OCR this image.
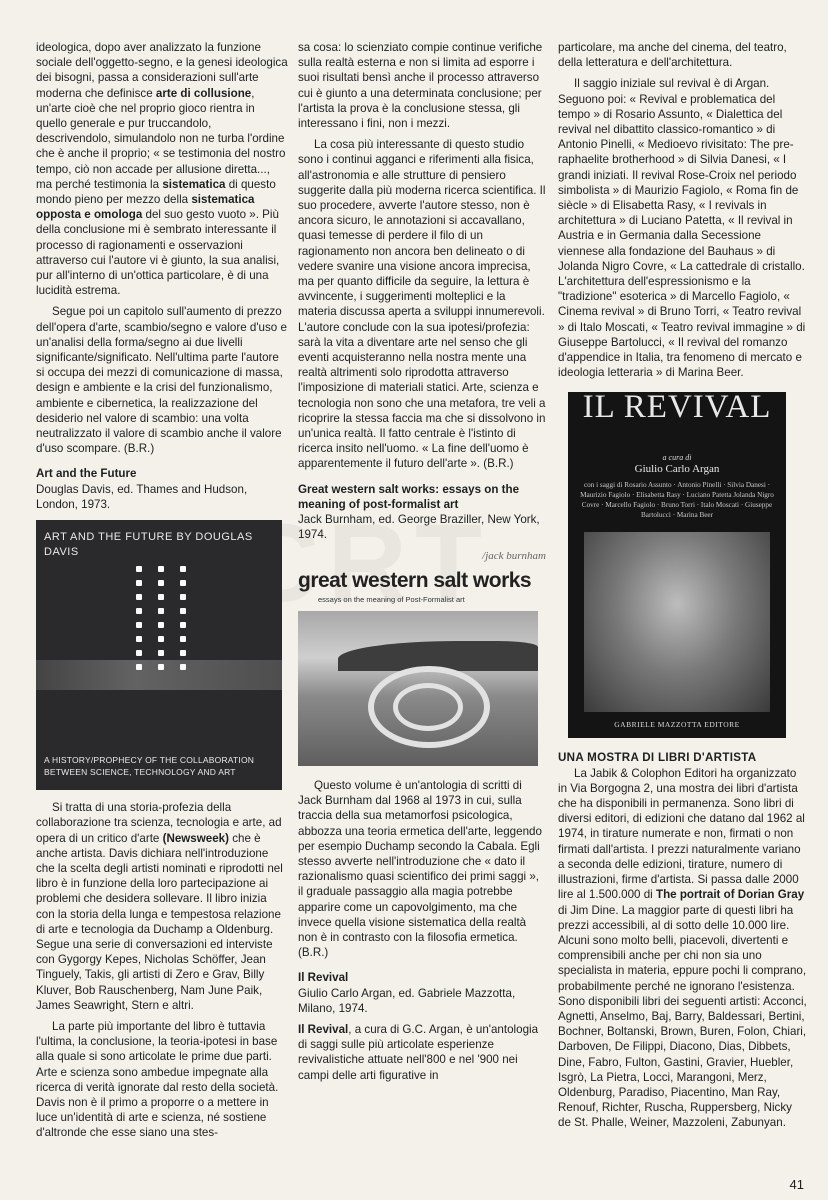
ideologica, dopo aver analizzato la funzione sociale dell'oggetto-segno, e la genesi ideologica dei bisogni, passa a considerazioni sull'arte moderna che definisce arte di collusione, un'arte cioè che nel proprio gioco rientra in quello generale e pur truccandolo, descrivendolo, simulandolo non ne turba l'ordine che è anche il proprio; « se testimonia del nostro tempo, ciò non accade per allusione diretta..., ma perché testimonia la sistematica di questo mondo pieno per mezzo della sistematica opposta e omologa del suo gesto vuoto ». Più della conclusione mi è sembrato interessante il processo di ragionamenti e osservazioni attraverso cui l'autore vi è giunto, la sua analisi, pur all'interno di un'ottica particolare, è di una lucidità estrema.

Segue poi un capitolo sull'aumento di prezzo dell'opera d'arte, scambio/segno e valore d'uso e un'analisi della forma/segno ai due livelli significante/significato. Nell'ultima parte l'autore si occupa dei mezzi di comunicazione di massa, design e ambiente e la crisi del funzionalismo, ambiente e cibernetica, la realizzazione del desiderio nel valore di scambio: una volta neutralizzato il valore di scambio anche il valore d'uso scompare. (B.R.)

Art and the Future

Douglas Davis, ed. Thames and Hudson, London, 1973.

ART AND THE FUTURE BY DOUGLAS DAVIS
A HISTORY/PROPHECY OF THE COLLABORATION BETWEEN SCIENCE, TECHNOLOGY AND ART

Si tratta di una storia-profezia della collaborazione tra scienza, tecnologia e arte, ad opera di un critico d'arte (Newsweek) che è anche artista. Davis dichiara nell'introduzione che la scelta degli artisti nominati e riprodotti nel libro è in funzione della loro partecipazione ai problemi che desidera sollevare. Il libro inizia con la storia della lunga e tempestosa relazione di arte e tecnologia da Duchamp a Oldenburg. Segue una serie di conversazioni ed interviste con Gygorgy Kepes, Nicholas Schöffer, Jean Tinguely, Takis, gli artisti di Zero e Grav, Billy Kluver, Bob Rauschenberg, Nam June Paik, James Seawright, Stern e altri.

La parte più importante del libro è tuttavia l'ultima, la conclusione, la teoria-ipotesi in base alla quale si sono articolate le prime due parti. Arte e scienza sono ambedue impegnate alla ricerca di verità ignorate dal resto della società. Davis non è il primo a proporre o a mettere in luce un'identità di arte e scienza, né sostiene d'altronde che esse siano una stes-

sa cosa: lo scienziato compie continue verifiche sulla realtà esterna e non si limita ad esporre i suoi risultati bensì anche il processo attraverso cui è giunto a una determinata conclusione; per l'artista la prova è la conclusione stessa, gli interessano i fini, non i mezzi.

La cosa più interessante di questo studio sono i continui agganci e riferimenti alla fisica, all'astronomia e alle strutture di pensiero suggerite dalla più moderna ricerca scientifica. Il suo procedere, avverte l'autore stesso, non è ancora sicuro, le annotazioni si accavallano, quasi temesse di perdere il filo di un ragionamento non ancora ben delineato o di vedere svanire una visione ancora imprecisa, ma per quanto difficile da seguire, la lettura è avvincente, i suggerimenti molteplici e la materia discussa aperta a sviluppi innumerevoli. L'autore conclude con la sua ipotesi/profezia: sarà la vita a diventare arte nel senso che gli eventi acquisteranno nella nostra mente una realtà altrimenti solo riprodotta attraverso l'imposizione di materiali statici. Arte, scienza e tecnologia non sono che una metafora, tre veli a ricoprire la stessa faccia ma che si dissolvono in un'unica realtà. Il fatto centrale è l'istinto di ricerca insito nell'uomo. « La fine dell'uomo è apparentemente il futuro dell'arte ». (B.R.)

Great western salt works: essays on the meaning of post-formalist art

Jack Burnham, ed. George Braziller, New York, 1974.

/jack burnham
great western salt works
essays on the meaning of Post-Formalist art

Questo volume è un'antologia di scritti di Jack Burnham dal 1968 al 1973 in cui, sulla traccia della sua metamorfosi psicologica, abbozza una teoria ermetica dell'arte, leggendo per esempio Duchamp secondo la Cabala. Egli stesso avverte nell'introduzione che « dato il razionalismo quasi scientifico dei primi saggi », il graduale passaggio alla magia potrebbe apparire come un capovolgimento, ma che invece quella visione sistematica della realtà non è in contrasto con la filosofia ermetica. (B.R.)

Il Revival

Giulio Carlo Argan, ed. Gabriele Mazzotta, Milano, 1974.

Il Revival, a cura di G.C. Argan, è un'antologia di saggi sulle più articolate esperienze revivalistiche attuate nell'800 e nel '900 nei campi delle arti figurative in

particolare, ma anche del cinema, del teatro, della letteratura e dell'architettura.

Il saggio iniziale sul revival è di Argan. Seguono poi: « Revival e problematica del tempo » di Rosario Assunto, « Dialettica del revival nel dibattito classico-romantico » di Antonio Pinelli, « Medioevo rivisitato: The pre-raphaelite brotherhood » di Silvia Danesi, « I grandi iniziati. Il revival Rose-Croix nel periodo simbolista » di Maurizio Fagiolo, « Roma fin de siècle » di Elisabetta Rasy, « I revivals in architettura » di Luciano Patetta, « Il revival in Austria e in Germania dalla Secessione viennese alla fondazione del Bauhaus » di Jolanda Nigro Covre, « La cattedrale di cristallo. L'architettura dell'espressionismo e la "tradizione" esoterica » di Marcello Fagiolo, « Cinema revival » di Bruno Torri, « Teatro revival » di Italo Moscati, « Teatro revival immagine » di Giuseppe Bartolucci, « Il revival del romanzo d'appendice in Italia, tra fenomeno di mercato e ideologia letteraria » di Marina Beer.

IL REVIVAL
a cura di
Giulio Carlo Argan
con i saggi di Rosario Assunto · Antonio Pinelli · Silvia Danesi · Maurizio Fagiolo · Elisabetta Rasy · Luciano Patetta Jolanda Nigro Covre · Marcello Fagiolo · Bruno Torri · Italo Moscati · Giuseppe Bartolucci · Marina Beer
GABRIELE MAZZOTTA EDITORE
UNA MOSTRA DI LIBRI D'ARTISTA

La Jabik & Colophon Editori ha organizzato in Via Borgogna 2, una mostra dei libri d'artista che ha disponibili in permanenza. Sono libri di diversi editori, di edizioni che datano dal 1962 al 1974, in tirature numerate e non, firmati o non firmati dall'artista. I prezzi naturalmente variano a seconda delle edizioni, tirature, numero di illustrazioni, firme d'artista. Si passa dalle 2000 lire al 1.500.000 di The portrait of Dorian Gray di Jim Dine. La maggior parte di questi libri ha prezzi accessibili, al di sotto delle 10.000 lire. Alcuni sono molto belli, piacevoli, divertenti e comprensibili anche per chi non sia uno specialista in materia, eppure pochi li comprano, probabilmente perché ne ignorano l'esistenza. Sono disponibili libri dei seguenti artisti: Acconci, Agnetti, Anselmo, Baj, Barry, Baldessari, Bertini, Bochner, Boltanski, Brown, Buren, Folon, Chiari, Darboven, De Filippi, Diacono, Dias, Dibbets, Dine, Fabro, Fulton, Gastini, Gravier, Huebler, Isgrò, La Pietra, Locci, Marangoni, Merz, Oldenburg, Paradiso, Piacentino, Man Ray, Renouf, Richter, Ruscha, Ruppersberg, Nicky de St. Phalle, Weiner, Mazzoleni, Zabunyan.

41
